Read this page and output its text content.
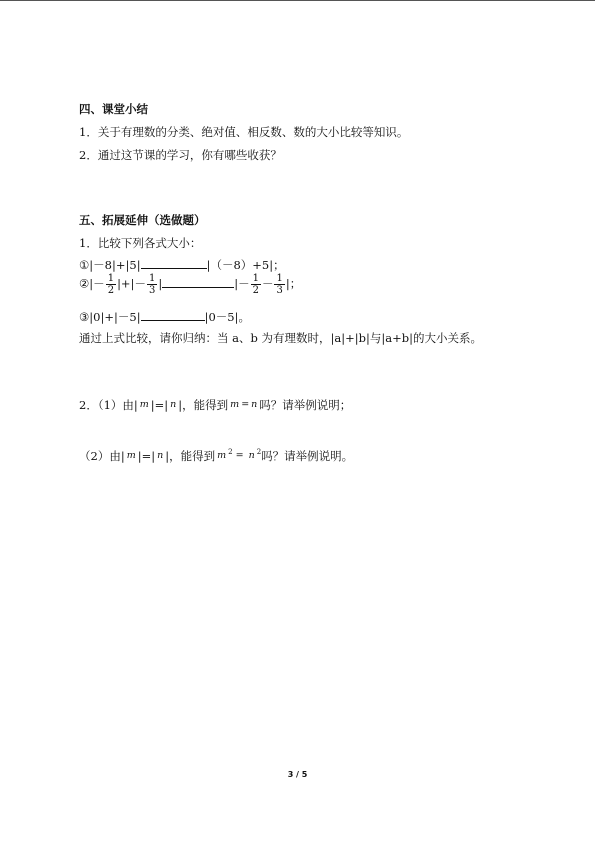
四、课堂小结
1．关于有理数的分类、绝对值、相反数、数的大小比较等知识。
2．通过这节课的学习，你有哪些收获？
五、拓展延伸（选做题）
1．比较下列各式大小：
①|－8|+|5|	|（－8）+5|；
②|－ $\frac{1}{2}$ |+|－ $\frac{1}{3}$ |	|－ $\frac{1}{2} - \frac{1}{3}$ |；
③|0|+|－5|	|0－5|。
通过上式比较，请你归纳：当 a、b 为有理数时，|a|+|b|与|a+b|的大小关系。
2．（1）由| m |=| n |，能得到 m = n 吗？请举例说明；
（2）由| m |=| n |，能得到 m $^2$ = n $^2$吗？请举例说明。
3 / 5
